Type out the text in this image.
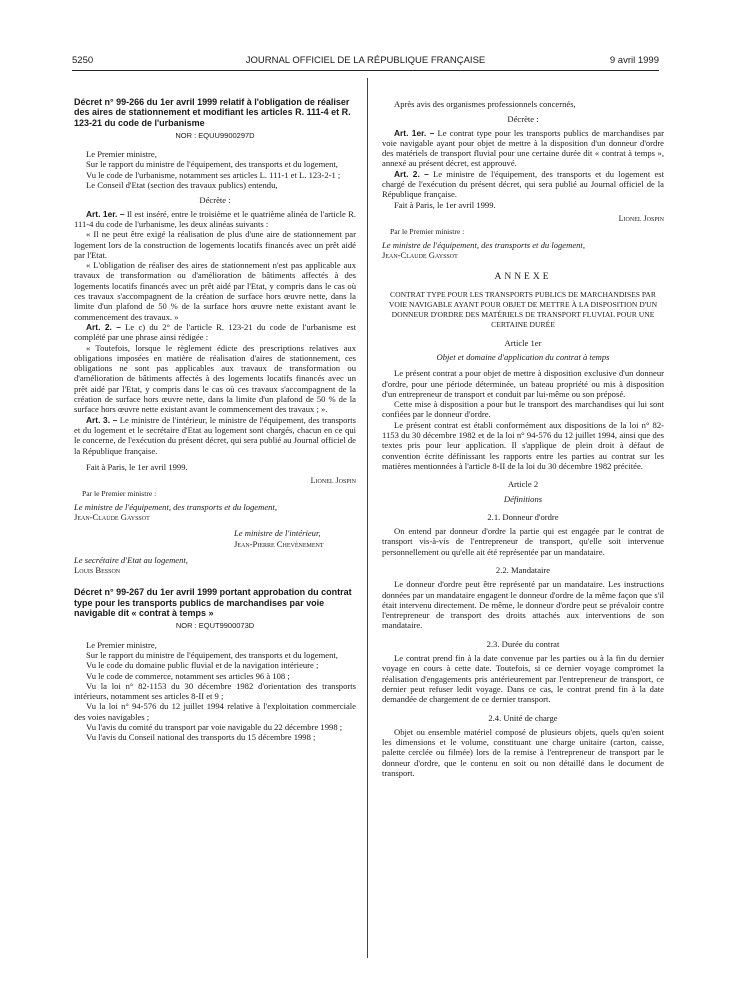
5250	JOURNAL OFFICIEL DE LA RÉPUBLIQUE FRANÇAISE	9 avril 1999

Décret n° 99-266 du 1er avril 1999 relatif à l'obligation de réaliser des aires de stationnement et modifiant les articles R. 111-4 et R. 123-21 du code de l'urbanisme

NOR : EQUU9900297D

Le Premier ministre,

Sur le rapport du ministre de l'équipement, des transports et du logement,

Vu le code de l'urbanisme, notamment ses articles L. 111-1 et L. 123-2-1 ;

Le Conseil d'Etat (section des travaux publics) entendu,

Décrète :

Art. 1er. – Il est inséré, entre le troisième et le quatrième alinéa de l'article R. 111-4 du code de l'urbanisme, les deux alinéas suivants :

« Il ne peut être exigé la réalisation de plus d'une aire de stationnement par logement lors de la construction de logements locatifs financés avec un prêt aidé par l'Etat.

« L'obligation de réaliser des aires de stationnement n'est pas applicable aux travaux de transformation ou d'amélioration de bâtiments affectés à des logements locatifs financés avec un prêt aidé par l'Etat, y compris dans le cas où ces travaux s'accompagnent de la création de surface hors œuvre nette, dans la limite d'un plafond de 50 % de la surface hors œuvre nette existant avant le commencement des travaux. »

Art. 2. – Le c) du 2° de l'article R. 123-21 du code de l'urbanisme est complété par une phrase ainsi rédigée :

« Toutefois, lorsque le règlement édicte des prescriptions relatives aux obligations imposées en matière de réalisation d'aires de stationnement, ces obligations ne sont pas applicables aux travaux de transformation ou d'amélioration de bâtiments affectés à des logements locatifs financés avec un prêt aidé par l'Etat, y compris dans le cas où ces travaux s'accompagnent de la création de surface hors œuvre nette, dans la limite d'un plafond de 50 % de la surface hors œuvre nette existant avant le commencement des travaux ; ».

Art. 3. – Le ministre de l'intérieur, le ministre de l'équipement, des transports et du logement et le secrétaire d'Etat au logement sont chargés, chacun en ce qui le concerne, de l'exécution du présent décret, qui sera publié au Journal officiel de la République française.

Fait à Paris, le 1er avril 1999.

Lionel Jospin

Par le Premier ministre :

Le ministre de l'équipement, des transports et du logement,

Jean-Claude Gayssot

Le ministre de l'intérieur,

Jean-Pierre Chevènement

Le secrétaire d'Etat au logement,

Louis Besson

Décret n° 99-267 du 1er avril 1999 portant approbation du contrat type pour les transports publics de marchandises par voie navigable dit « contrat à temps »

NOR : EQUT9900073D

Le Premier ministre,

Sur le rapport du ministre de l'équipement, des transports et du logement,

Vu le code du domaine public fluvial et de la navigation intérieure ;

Vu le code de commerce, notamment ses articles 96 à 108 ;

Vu la loi n° 82-1153 du 30 décembre 1982 d'orientation des transports intérieurs, notamment ses articles 8-II et 9 ;

Vu la loi n° 94-576 du 12 juillet 1994 relative à l'exploitation commerciale des voies navigables ;

Vu l'avis du comité du transport par voie navigable du 22 décembre 1998 ;

Vu l'avis du Conseil national des transports du 15 décembre 1998 ;

Après avis des organismes professionnels concernés,

Décrète :

Art. 1er. – Le contrat type pour les transports publics de marchandises par voie navigable ayant pour objet de mettre à la disposition d'un donneur d'ordre des matériels de transport fluvial pour une certaine durée dit « contrat à temps », annexé au présent décret, est approuvé.

Art. 2. – Le ministre de l'équipement, des transports et du logement est chargé de l'exécution du présent décret, qui sera publié au Journal officiel de la République française.

Fait à Paris, le 1er avril 1999.

Lionel Jospin

Par le Premier ministre :

Le ministre de l'équipement, des transports et du logement,

Jean-Claude Gayssot

ANNEXE

CONTRAT TYPE POUR LES TRANSPORTS PUBLICS DE MARCHANDISES PAR VOIE NAVIGABLE AYANT POUR OBJET DE METTRE À LA DISPOSITION D'UN DONNEUR D'ORDRE DES MATÉRIELS DE TRANSPORT FLUVIAL POUR UNE CERTAINE DURÉE

Article 1er

Objet et domaine d'application du contrat à temps

Le présent contrat a pour objet de mettre à disposition exclusive d'un donneur d'ordre, pour une période déterminée, un bateau propriété ou mis à disposition d'un entrepreneur de transport et conduit par lui-même ou son préposé.

Cette mise à disposition a pour but le transport des marchandises qui lui sont confiées par le donneur d'ordre.

Le présent contrat est établi conformément aux dispositions de la loi n° 82-1153 du 30 décembre 1982 et de la loi n° 94-576 du 12 juillet 1994, ainsi que des textes pris pour leur application. Il s'applique de plein droit à défaut de convention écrite définissant les rapports entre les parties au contrat sur les matières mentionnées à l'article 8-II de la loi du 30 décembre 1982 précitée.

Article 2

Définitions

2.1. Donneur d'ordre

On entend par donneur d'ordre la partie qui est engagée par le contrat de transport vis-à-vis de l'entrepreneur de transport, qu'elle soit intervenue personnellement ou qu'elle ait été représentée par un mandataire.

2.2. Mandataire

Le donneur d'ordre peut être représenté par un mandataire. Les instructions données par un mandataire engagent le donneur d'ordre de la même façon que s'il était intervenu directement. De même, le donneur d'ordre peut se prévaloir contre l'entrepreneur de transport des droits attachés aux interventions de son mandataire.

2.3. Durée du contrat

Le contrat prend fin à la date convenue par les parties ou à la fin du dernier voyage en cours à cette date. Toutefois, si ce dernier voyage compromet la réalisation d'engagements pris antérieurement par l'entrepreneur de transport, ce dernier peut refuser ledit voyage. Dans ce cas, le contrat prend fin à la date demandée de chargement de ce dernier transport.

2.4. Unité de charge

Objet ou ensemble matériel composé de plusieurs objets, quels qu'en soient les dimensions et le volume, constituant une charge unitaire (carton, caisse, palette cerclée ou filmée) lors de la remise à l'entrepreneur de transport par le donneur d'ordre, que le contenu en soit ou non détaillé dans le document de transport.
